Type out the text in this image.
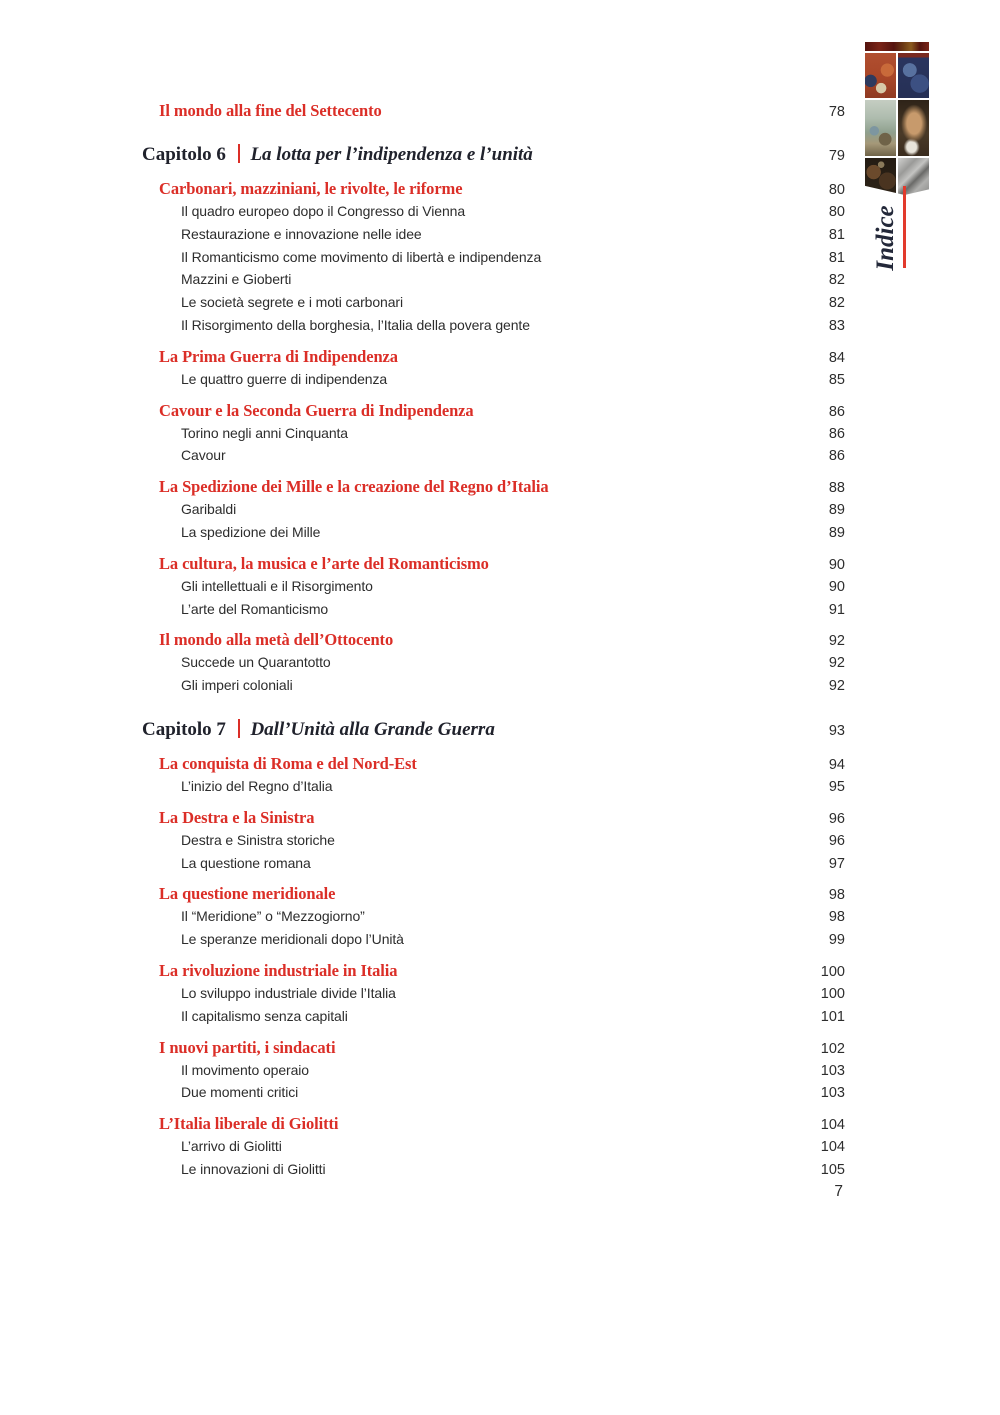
Il mondo alla fine del Settecento	78
Capitolo 6 La lotta per l’indipendenza e l’unità	79
Carbonari, mazziniani, le rivolte, le riforme	80
Il quadro europeo dopo il Congresso di Vienna	80
Restaurazione e innovazione nelle idee	81
Il Romanticismo come movimento di libertà e indipendenza	81
Mazzini e Gioberti	82
Le società segrete e i moti carbonari	82
Il Risorgimento della borghesia, l’Italia della povera gente	83
La Prima Guerra di Indipendenza	84
Le quattro guerre di indipendenza	85
Cavour e la Seconda Guerra di Indipendenza	86
Torino negli anni Cinquanta	86
Cavour	86
La Spedizione dei Mille e la creazione del Regno d’Italia	88
Garibaldi	89
La spedizione dei Mille	89
La cultura, la musica e l’arte del Romanticismo	90
Gli intellettuali e il Risorgimento	90
L’arte del Romanticismo	91
Il mondo alla metà dell’Ottocento	92
Succede un Quarantotto	92
Gli imperi coloniali	92
Capitolo 7 Dall’Unità alla Grande Guerra	93
La conquista di Roma e del Nord-Est	94
L’inizio del Regno d’Italia	95
La Destra e la Sinistra	96
Destra e Sinistra storiche	96
La questione romana	97
La questione meridionale	98
Il “Meridione” o “Mezzogiorno”	98
Le speranze meridionali dopo l’Unità	99
La rivoluzione industriale in Italia	100
Lo sviluppo industriale divide l’Italia	100
Il capitalismo senza capitali	101
I nuovi partiti, i sindacati	102
Il movimento operaio	103
Due momenti critici	103
L’Italia liberale di Giolitti	104
L’arrivo di Giolitti	104
Le innovazioni di Giolitti	105
Indice
7
